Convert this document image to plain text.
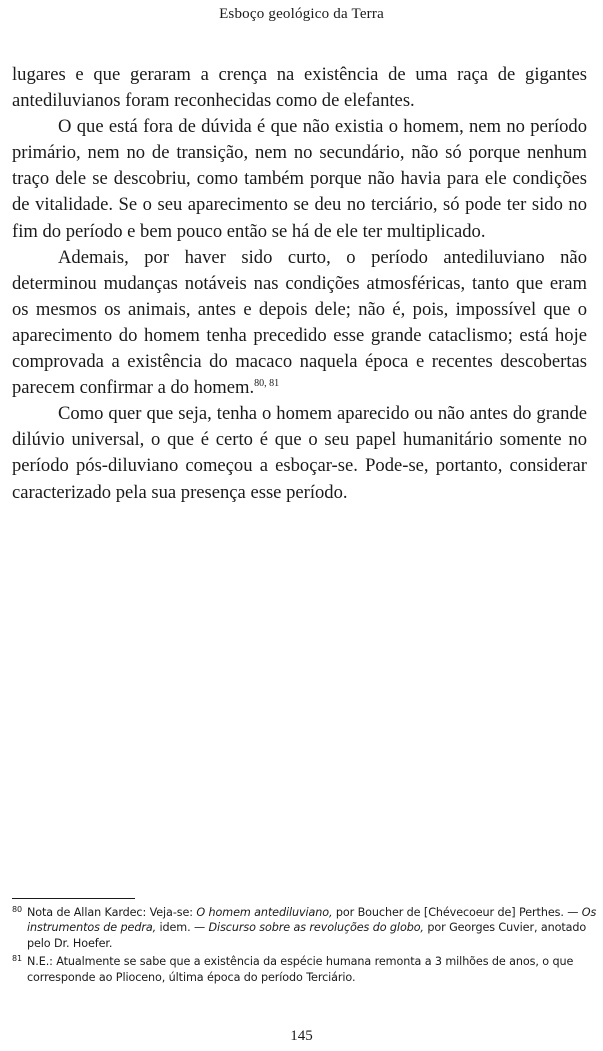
Esboço geológico da Terra

lugares e que geraram a crença na existência de uma raça de gigantes antediluvianos foram reconhecidas como de elefantes.

O que está fora de dúvida é que não existia o homem, nem no período primário, nem no de transição, nem no secundário, não só porque nenhum traço dele se descobriu, como também porque não havia para ele condições de vitalidade. Se o seu aparecimento se deu no terciário, só pode ter sido no fim do período e bem pouco então se há de ele ter multiplicado.

Ademais, por haver sido curto, o período antediluviano não determinou mudanças notáveis nas condições atmosféricas, tanto que eram os mesmos os animais, antes e depois dele; não é, pois, impossível que o aparecimento do homem tenha precedido esse grande cataclismo; está hoje comprovada a existência do macaco naquela época e recentes descobertas parecem confirmar a do homem.$^{80, 81}$

Como quer que seja, tenha o homem aparecido ou não antes do grande dilúvio universal, o que é certo é que o seu papel humanitário somente no período pós-diluviano começou a esboçar-se. Pode-se, portanto, considerar caracterizado pela sua presença esse período.

80 Nota de Allan Kardec: Veja-se: O homem antediluviano, por Boucher de [Chévecoeur de] Perthes. — Os instrumentos de pedra, idem. — Discurso sobre as revoluções do globo, por Georges Cuvier, anotado pelo Dr. Hoefer.
81 N.E.: Atualmente se sabe que a existência da espécie humana remonta a 3 milhões de anos, o que corresponde ao Plioceno, última época do período Terciário.
145
